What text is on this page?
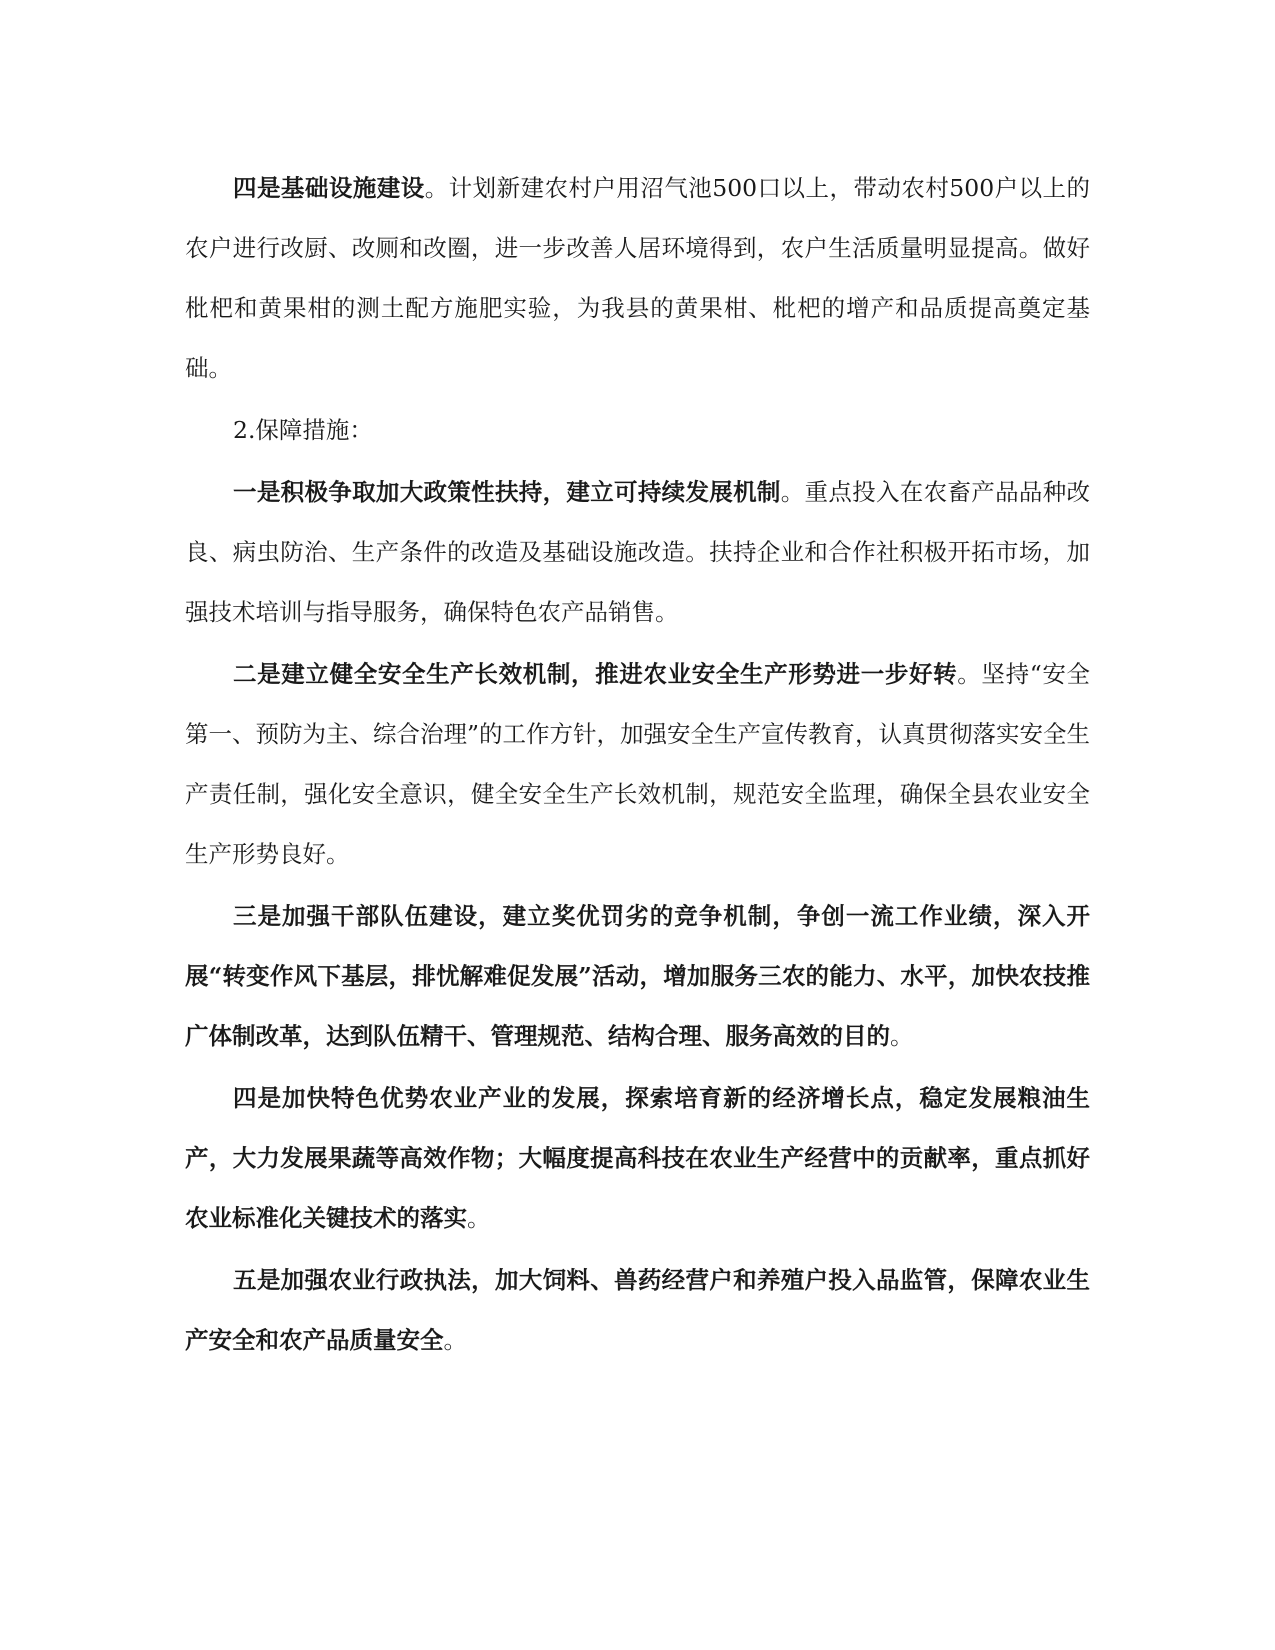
四是基础设施建设。计划新建农村户用沼气池500口以上，带动农村500户以上的农户进行改厨、改厕和改圈，进一步改善人居环境得到，农户生活质量明显提高。做好枇杷和黄果柑的测土配方施肥实验，为我县的黄果柑、枇杷的增产和品质提高奠定基础。

2.保障措施：

一是积极争取加大政策性扶持，建立可持续发展机制。重点投入在农畜产品品种改良、病虫防治、生产条件的改造及基础设施改造。扶持企业和合作社积极开拓市场，加强技术培训与指导服务，确保特色农产品销售。

二是建立健全安全生产长效机制，推进农业安全生产形势进一步好转。坚持“安全第一、预防为主、综合治理”的工作方针，加强安全生产宣传教育，认真贯彻落实安全生产责任制，强化安全意识，健全安全生产长效机制，规范安全监理，确保全县农业安全生产形势良好。

三是加强干部队伍建设，建立奖优罚劣的竞争机制，争创一流工作业绩，深入开展“转变作风下基层，排忧解难促发展”活动，增加服务三农的能力、水平，加快农技推广体制改革，达到队伍精干、管理规范、结构合理、服务高效的目的。

四是加快特色优势农业产业的发展，探索培育新的经济增长点，稳定发展粮油生产，大力发展果蔬等高效作物；大幅度提高科技在农业生产经营中的贡献率，重点抓好农业标准化关键技术的落实。

五是加强农业行政执法，加大饲料、兽药经营户和养殖户投入品监管，保障农业生产安全和农产品质量安全。
